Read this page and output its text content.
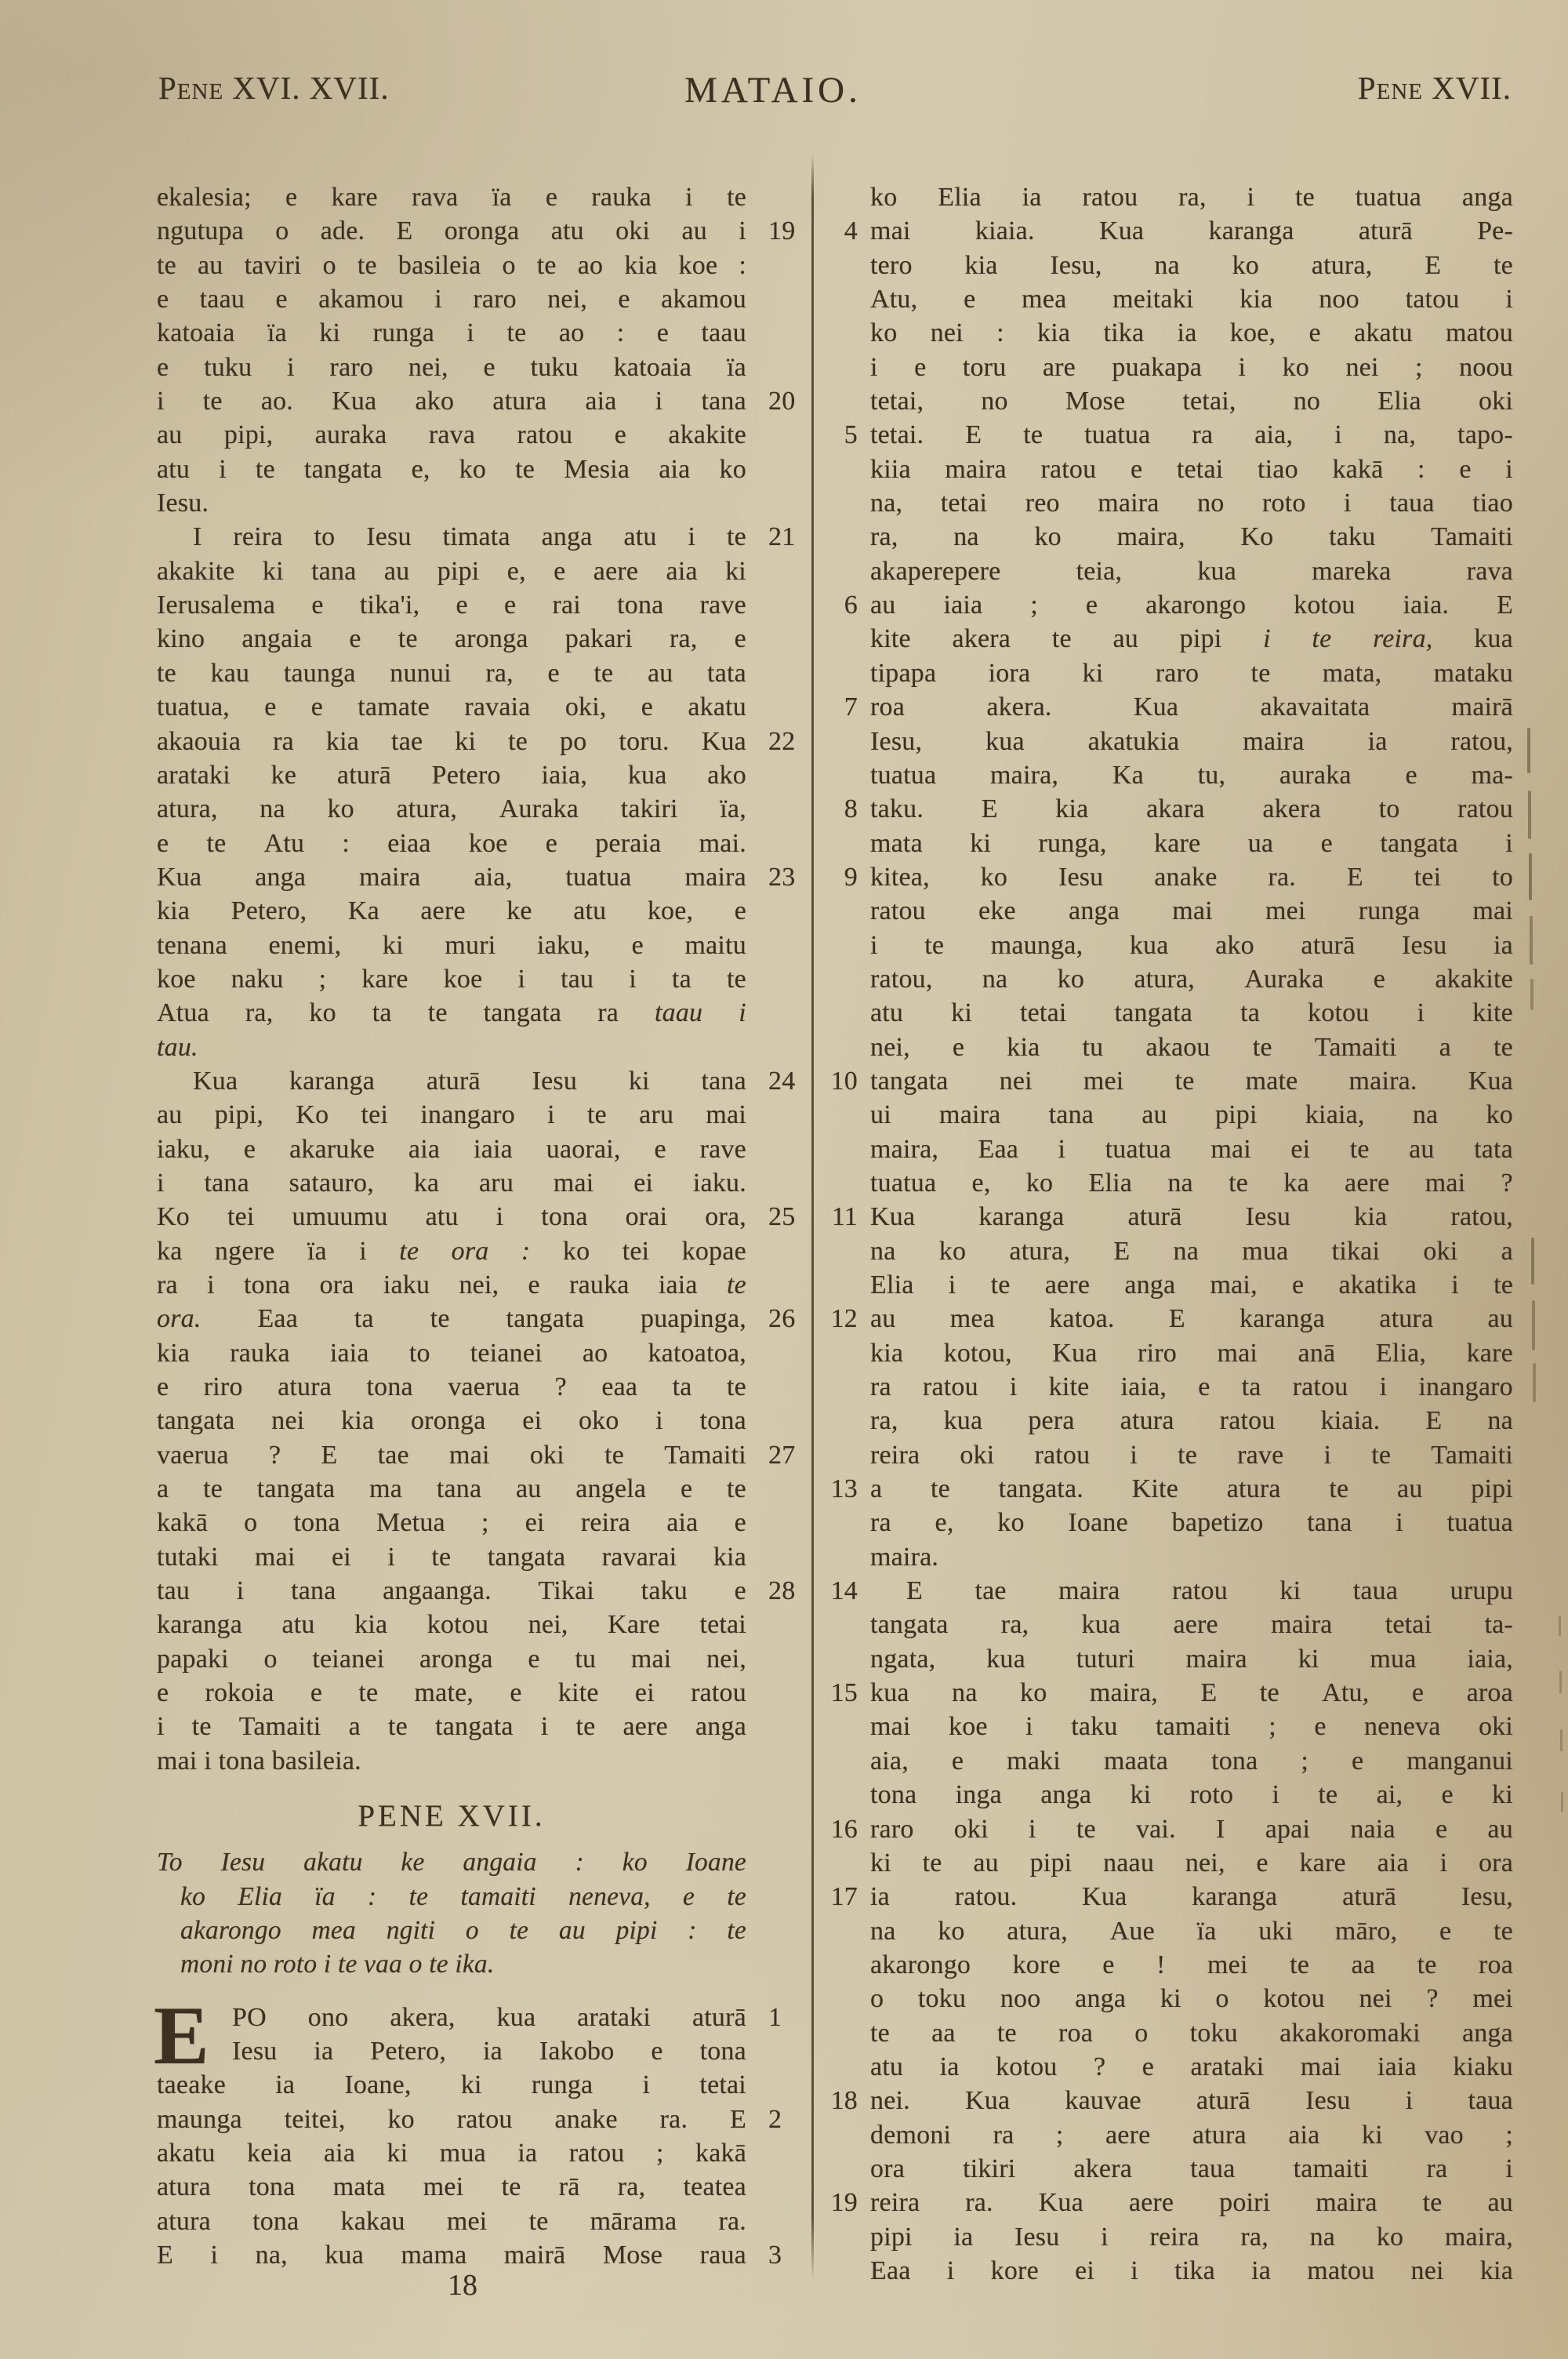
Pene XVI. XVII.	MATAIO.	Pene XVII.
ekalesia; e kare rava ïa e rauka i te
ngutupa o ade. E oronga atu oki au i 19
te au taviri o te basileia o te ao kia koe :
e taau e akamou i raro nei, e akamou
katoaia ïa ki runga i te ao : e taau
e tuku i raro nei, e tuku katoaia ïa
i te ao. Kua ako atura aia i tana 20
au pipi, auraka rava ratou e akakite
atu i te tangata e, ko te Mesia aia ko
Iesu.
I reira to Iesu timata anga atu i te 21
akakite ki tana au pipi e, e aere aia ki
Ierusalema e tika'i, e e rai tona rave
kino angaia e te aronga pakari ra, e
te kau taunga nunui ra, e te au tata
tuatua, e e tamate ravaia oki, e akatu
akaouia ra kia tae ki te po toru. Kua 22
arataki ke aturā Petero iaia, kua ako
atura, na ko atura, Auraka takiri ïa,
e te Atu : eiaa koe e peraia mai.
Kua anga maira aia, tuatua maira 23
kia Petero, Ka aere ke atu koe, e
tenana enemi, ki muri iaku, e maitu
koe naku ; kare koe i tau i ta te
Atua ra, ko ta te tangata ra taau i
tau.
Kua karanga aturā Iesu ki tana 24
au pipi, Ko tei inangaro i te aru mai
iaku, e akaruke aia iaia uaorai, e rave
i tana satauro, ka aru mai ei iaku.
Ko tei umuumu atu i tona orai ora, 25
ka ngere ïa i te ora : ko tei kopae
ra i tona ora iaku nei, e rauka iaia te
ora. Eaa ta te tangata puapinga, 26
kia rauka iaia to teianei ao katoatoa,
e riro atura tona vaerua ? eaa ta te
tangata nei kia oronga ei oko i tona
vaerua ? E tae mai oki te Tamaiti 27
a te tangata ma tana au angela e te
kakā o tona Metua ; ei reira aia e
tutaki mai ei i te tangata ravarai kia
tau i tana angaanga. Tikai taku e 28
karanga atu kia kotou nei, Kare tetai
papaki o teianei aronga e tu mai nei,
e rokoia e te mate, e kite ei ratou
i te Tamaiti a te tangata i te aere anga
mai i tona basileia.
PENE XVII.
To Iesu akatu ke angaia : ko Ioane
ko Elia ïa : te tamaiti neneva, e te
akarongo mea ngiti o te au pipi : te
moni no roto i te vaa o te ika.
E PO ono akera, kua arataki aturā 1
Iesu ia Petero, ia Iakobo e tona
taeake ia Ioane, ki runga i tetai
maunga teitei, ko ratou anake ra. E 2
akatu keia aia ki mua ia ratou ; kakā
atura tona mata mei te rā ra, teatea
atura tona kakau mei te mārama ra.
E i na, kua mama mairā Mose raua 3
ko Elia ia ratou ra, i te tuatua anga
mai kiaia. Kua karanga aturā Pe-
4
tero kia Iesu, na ko atura, E te
Atu, e mea meitaki kia noo tatou i
ko nei : kia tika ia koe, e akatu matou
i e toru are puakapa i ko nei ; noou
tetai, no Mose tetai, no Elia oki
tetai. E te tuatua ra aia, i na, tapo-
5
kiia maira ratou e tetai tiao kakā : e i
na, tetai reo maira no roto i taua tiao
ra, na ko maira, Ko taku Tamaiti
akaperepere	teia,	kua	mareka	rava
au iaia ; e akarongo kotou iaia. E
6
kite akera te au pipi i te reira, kua
tipapa iora ki raro te mata, mataku
roa	akera.	Kua	akavaitata	mairā
7
Iesu, kua akatukia maira ia ratou,
tuatua maira, Ka tu, auraka e ma-
taku. E kia akara akera to ratou
8
mata ki runga, kare ua e tangata i
kitea, ko Iesu anake ra. E tei to
9
ratou eke anga mai mei runga mai
i te maunga, kua ako aturā Iesu ia
ratou, na ko atura, Auraka e akakite
atu ki tetai tangata ta kotou i kite
nei, e kia tu akaou te Tamaiti a te
tangata nei mei te mate maira. Kua
10
ui maira tana au pipi kiaia, na ko
maira, Eaa i tuatua mai ei te au tata
tuatua e, ko Elia na te ka aere mai ?
Kua karanga aturā Iesu kia ratou,
11
na ko atura, E na mua tikai oki a
Elia i te aere anga mai, e akatika i te
au mea katoa. E karanga atura au
12
kia kotou, Kua riro mai anā Elia, kare
ra ratou i kite iaia, e ta ratou i inangaro
ra, kua pera atura ratou kiaia. E na
reira oki ratou i te rave i te Tamaiti
a te tangata. Kite atura te au pipi
13
ra e, ko Ioane bapetizo tana i tuatua
maira.
E tae maira ratou ki taua urupu
14
tangata ra, kua aere maira tetai ta-
ngata, kua tuturi maira ki mua iaia,
kua na ko maira, E te Atu, e aroa
15
mai koe i taku tamaiti ; e neneva oki
aia, e maki maata tona ; e manganui
tona inga anga ki roto i te ai, e ki
raro oki i te vai. I apai naia e au
16
ki te au pipi naau nei, e kare aia i ora
ia ratou. Kua karanga aturā Iesu,
17
na ko atura, Aue ïa uki māro, e te
akarongo kore e ! mei te aa te roa
o toku noo anga ki o kotou nei ? mei
te aa te roa o toku akakoromaki anga
atu ia kotou ? e arataki mai iaia kiaku
nei. Kua kauvae aturā Iesu i taua
18
demoni ra ; aere atura aia ki vao ;
ora tikiri akera taua tamaiti ra i
reira ra. Kua aere poiri maira te au
19
pipi ia Iesu i reira ra, na ko maira,
Eaa i kore ei i tika ia matou nei kia
18
